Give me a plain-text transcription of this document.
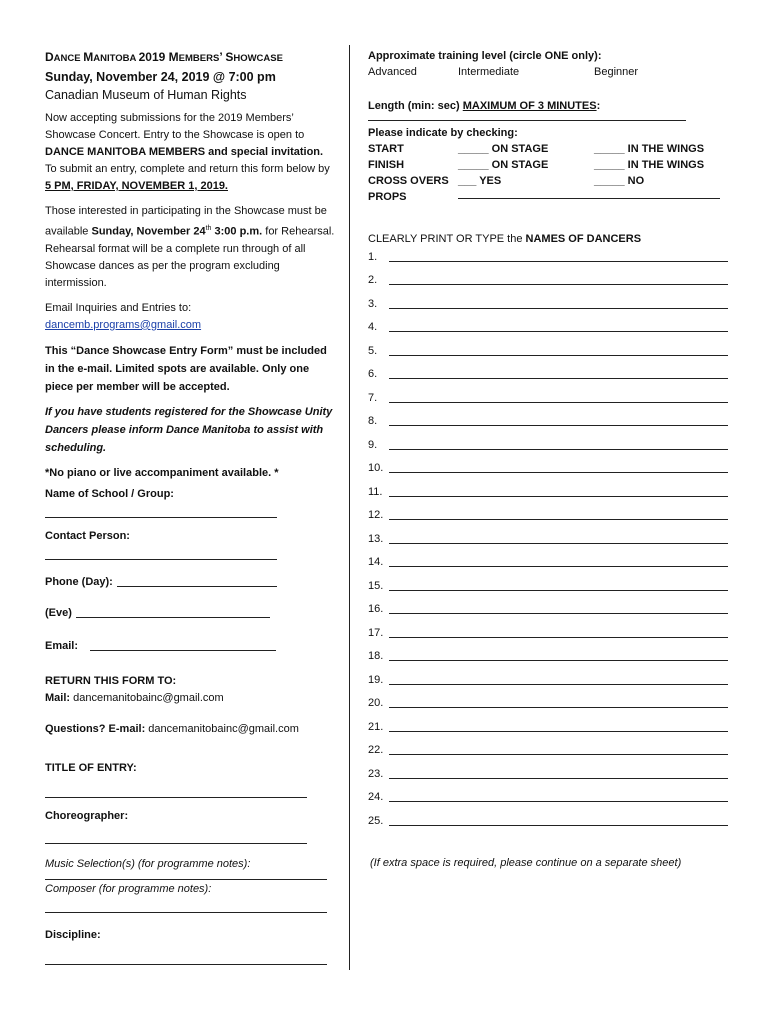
DANCE MANITOBA 2019 MEMBERS’ SHOWCASE
Sunday, November 24, 2019 @ 7:00 pm
Canadian Museum of Human Rights

Now accepting submissions for the 2019 Members’ Showcase Concert. Entry to the Showcase is open to DANCE MANITOBA MEMBERS and special invitation. To submit an entry, complete and return this form below by 5 PM, FRIDAY, NOVEMBER 1, 2019.

Those interested in participating in the Showcase must be available Sunday, November 24th 3:00 p.m. for Rehearsal. Rehearsal format will be a complete run through of all Showcase dances as per the program excluding intermission.

Email Inquiries and Entries to:

dancemb.programs@gmail.com

This “Dance Showcase Entry Form” must be included in the e-mail. Limited spots are available. Only one piece per member will be accepted.

If you have students registered for the Showcase Unity Dancers please inform Dance Manitoba to assist with scheduling.

*No piano or live accompaniment available. *

Name of School / Group:

Contact Person:

Phone (Day):
(Eve)
Email:

RETURN THIS FORM TO:

Mail: dancemanitobainc@gmail.com

Questions? E-mail: dancemanitobainc@gmail.com

TITLE OF ENTRY:

Choreographer:

Music Selection(s) (for programme notes):

Composer (for programme notes):

Discipline:

Approximate training level (circle ONE only):

Advanced	Intermediate	Beginner

Length (min: sec) MAXIMUM OF 3 MINUTES:

Please indicate by checking:

START	_____ ON STAGE	_____ IN THE WINGS
FINISH	_____ ON STAGE	_____ IN THE WINGS
CROSS OVERS ___ YES	_____ NO
PROPS

CLEARLY PRINT OR TYPE the NAMES OF DANCERS

1.
2.
3.
4.
5.
6.
7.
8.
9.
10.
11.
12.
13.
14.
15.
16.
17.
18.
19.
20.
21.
22.
23.
24.
25.

(If extra space is required, please continue on a separate sheet)
